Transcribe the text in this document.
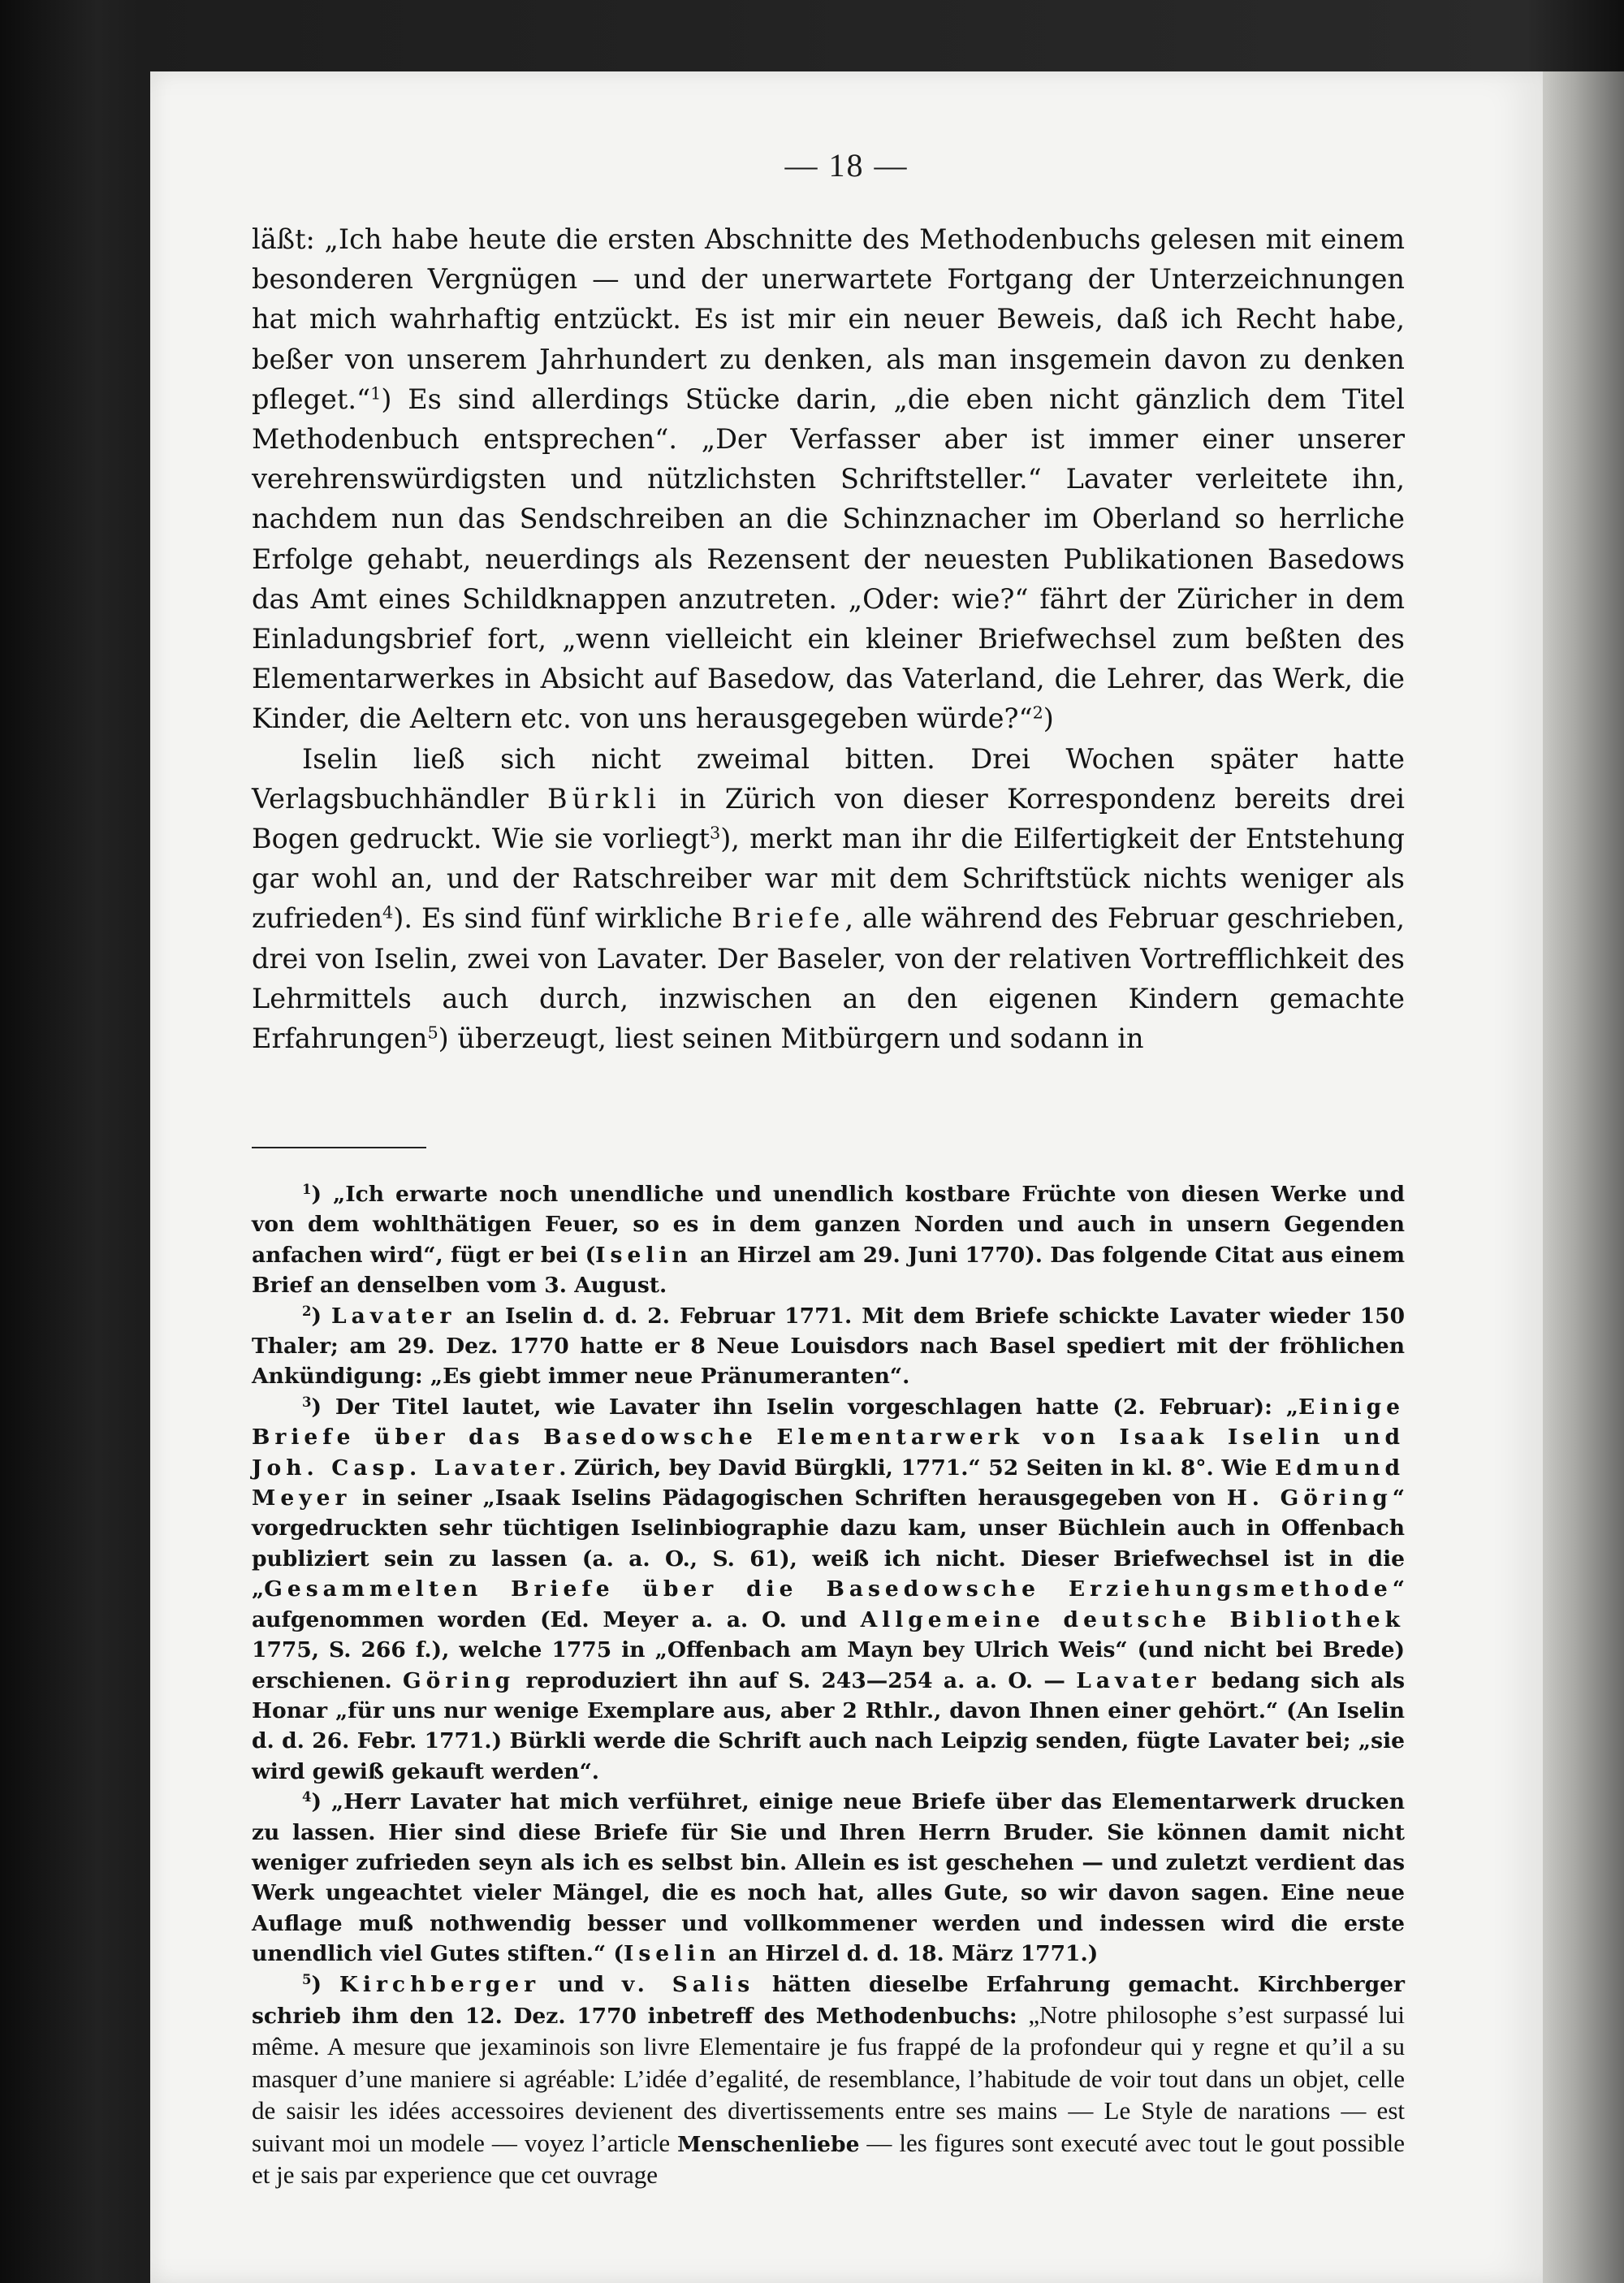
— 18 —

läßt: „Ich habe heute die ersten Abschnitte des Methodenbuchs gelesen mit einem besonderen Vergnügen — und der unerwartete Fortgang der Unterzeichnungen hat mich wahrhaftig entzückt. Es ist mir ein neuer Beweis, daß ich Recht habe, beßer von unserem Jahrhundert zu denken, als man insgemein davon zu denken pfleget.“$^1$) Es sind allerdings Stücke darin, „die eben nicht gänzlich dem Titel Methodenbuch entsprechen“. „Der Verfasser aber ist immer einer unserer verehrenswürdigsten und nützlichsten Schriftsteller.“ Lavater verleitete ihn, nachdem nun das Sendschreiben an die Schinznacher im Oberland so herrliche Erfolge gehabt, neuerdings als Rezensent der neuesten Publikationen Basedows das Amt eines Schildknappen anzutreten. „Oder: wie?“ fährt der Züricher in dem Einladungsbrief fort, „wenn vielleicht ein kleiner Briefwechsel zum beßten des Elementarwerkes in Absicht auf Basedow, das Vaterland, die Lehrer, das Werk, die Kinder, die Aeltern etc. von uns herausgegeben würde?“$^2$)

Iselin ließ sich nicht zweimal bitten. Drei Wochen später hatte Verlagsbuchhändler Bürkli in Zürich von dieser Korrespondenz bereits drei Bogen gedruckt. Wie sie vorliegt$^3$), merkt man ihr die Eilfertigkeit der Entstehung gar wohl an, und der Ratschreiber war mit dem Schriftstück nichts weniger als zufrieden$^4$). Es sind fünf wirkliche Briefe, alle während des Februar geschrieben, drei von Iselin, zwei von Lavater. Der Baseler, von der relativen Vortrefflichkeit des Lehrmittels auch durch, inzwischen an den eigenen Kindern gemachte Erfahrungen$^5$) überzeugt, liest seinen Mitbürgern und sodann in

$^1$) „Ich erwarte noch unendliche und unendlich kostbare Früchte von diesen Werke und von dem wohlthätigen Feuer, so es in dem ganzen Norden und auch in unsern Gegenden anfachen wird“, fügt er bei (Iselin an Hirzel am 29. Juni 1770). Das folgende Citat aus einem Brief an denselben vom 3. August.

$^2$) Lavater an Iselin d. d. 2. Februar 1771. Mit dem Briefe schickte Lavater wieder 150 Thaler; am 29. Dez. 1770 hatte er 8 Neue Louisdors nach Basel spediert mit der fröhlichen Ankündigung: „Es giebt immer neue Pränumeranten“.

$^3$) Der Titel lautet, wie Lavater ihn Iselin vorgeschlagen hatte (2. Februar): „Einige Briefe über das Basedowsche Elementarwerk von Isaak Iselin und Joh. Casp. Lavater. Zürich, bey David Bürgkli, 1771.“ 52 Seiten in kl. 8°. Wie Edmund Meyer in seiner „Isaak Iselins Pädagogischen Schriften herausgegeben von H. Göring“ vorgedruckten sehr tüchtigen Iselinbiographie dazu kam, unser Büchlein auch in Offenbach publiziert sein zu lassen (a. a. O., S. 61), weiß ich nicht. Dieser Briefwechsel ist in die „Gesammelten Briefe über die Basedowsche Erziehungsmethode“ aufgenommen worden (Ed. Meyer a. a. O. und Allgemeine deutsche Bibliothek 1775, S. 266 f.), welche 1775 in „Offenbach am Mayn bey Ulrich Weis“ (und nicht bei Brede) erschienen. Göring reproduziert ihn auf S. 243—254 a. a. O. — Lavater bedang sich als Honar „für uns nur wenige Exemplare aus, aber 2 Rthlr., davon Ihnen einer gehört.“ (An Iselin d. d. 26. Febr. 1771.) Bürkli werde die Schrift auch nach Leipzig senden, fügte Lavater bei; „sie wird gewiß gekauft werden“.

$^4$) „Herr Lavater hat mich verführet, einige neue Briefe über das Elementarwerk drucken zu lassen. Hier sind diese Briefe für Sie und Ihren Herrn Bruder. Sie können damit nicht weniger zufrieden seyn als ich es selbst bin. Allein es ist geschehen — und zuletzt verdient das Werk ungeachtet vieler Mängel, die es noch hat, alles Gute, so wir davon sagen. Eine neue Auflage muß nothwendig besser und vollkommener werden und indessen wird die erste unendlich viel Gutes stiften.“ (Iselin an Hirzel d. d. 18. März 1771.)

$^5$) Kirchberger und v. Salis hätten dieselbe Erfahrung gemacht. Kirchberger schrieb ihm den 12. Dez. 1770 inbetreff des Methodenbuchs: „Notre philosophe s’est surpassé lui même. A mesure que jexaminois son livre Elementaire je fus frappé de la profondeur qui y regne et qu’il a su masquer d’une maniere si agréable: L’idée d’egalité, de resemblance, l’habitude de voir tout dans un objet, celle de saisir les idées accessoires devienent des divertissements entre ses mains — Le Style de narations — est suivant moi un modele — voyez l’article Menschenliebe — les figures sont executé avec tout le gout possible et je sais par experience que cet ouvrage
